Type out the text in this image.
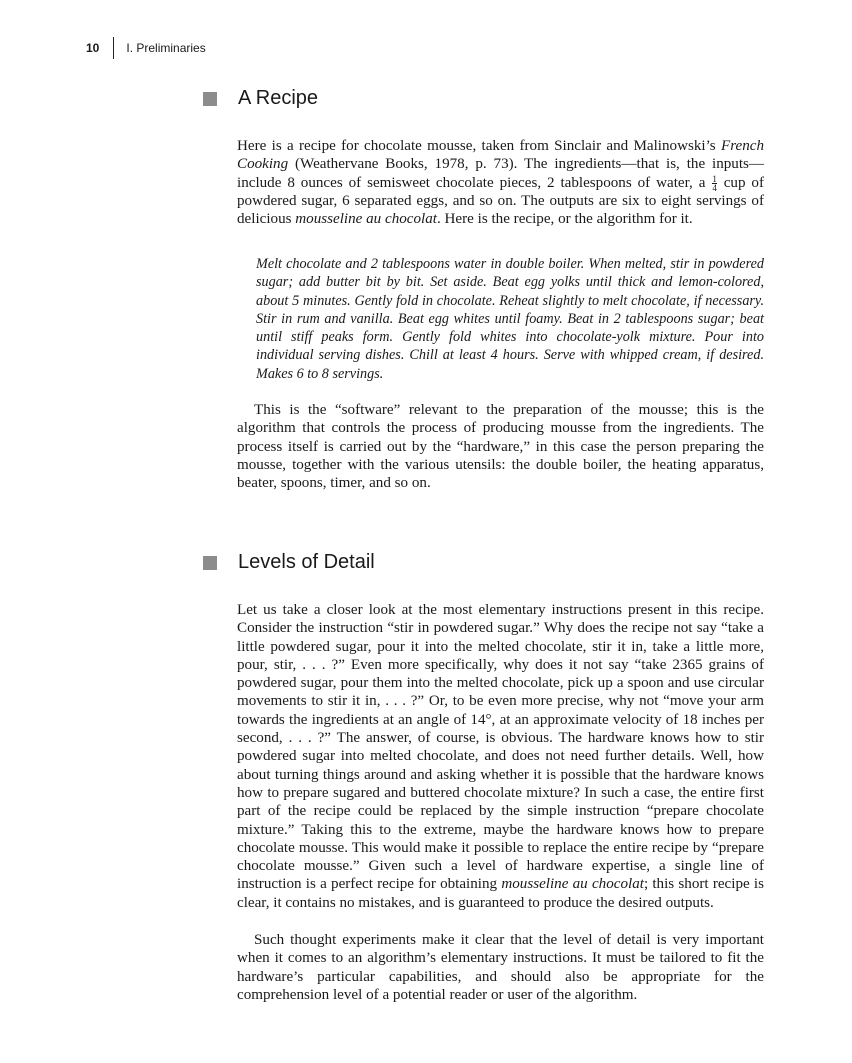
10 I. Preliminaries
A Recipe

Here is a recipe for chocolate mousse, taken from Sinclair and Malinowski’s French Cooking (Weathervane Books, 1978, p. 73). The ingredients—that is, the inputs—include 8 ounces of semisweet chocolate pieces, 2 tablespoons of water, a $\frac{1}{4}$ cup of powdered sugar, 6 separated eggs, and so on. The outputs are six to eight servings of delicious mousseline au chocolat. Here is the recipe, or the algorithm for it.

Melt chocolate and 2 tablespoons water in double boiler. When melted, stir in powdered sugar; add butter bit by bit. Set aside. Beat egg yolks until thick and lemon-colored, about 5 minutes. Gently fold in chocolate. Reheat slightly to melt chocolate, if necessary. Stir in rum and vanilla. Beat egg whites until foamy. Beat in 2 tablespoons sugar; beat until stiff peaks form. Gently fold whites into chocolate-yolk mixture. Pour into individual serving dishes. Chill at least 4 hours. Serve with whipped cream, if desired. Makes 6 to 8 servings.

This is the “software” relevant to the preparation of the mousse; this is the algorithm that controls the process of producing mousse from the ingredients. The process itself is carried out by the “hardware,” in this case the person preparing the mousse, together with the various utensils: the double boiler, the heating apparatus, beater, spoons, timer, and so on.

Levels of Detail

Let us take a closer look at the most elementary instructions present in this recipe. Consider the instruction “stir in powdered sugar.” Why does the recipe not say “take a little powdered sugar, pour it into the melted chocolate, stir it in, take a little more, pour, stir, . . . ?” Even more specifically, why does it not say “take 2365 grains of powdered sugar, pour them into the melted chocolate, pick up a spoon and use circular movements to stir it in, . . . ?” Or, to be even more precise, why not “move your arm towards the ingredients at an angle of 14°, at an approximate velocity of 18 inches per second, . . . ?” The answer, of course, is obvious. The hardware knows how to stir powdered sugar into melted chocolate, and does not need further details. Well, how about turning things around and asking whether it is possible that the hardware knows how to prepare sugared and buttered chocolate mixture? In such a case, the entire first part of the recipe could be replaced by the simple instruction “prepare chocolate mixture.” Taking this to the extreme, maybe the hardware knows how to prepare chocolate mousse. This would make it possible to replace the entire recipe by “prepare chocolate mousse.” Given such a level of hardware expertise, a single line of instruction is a perfect recipe for obtaining mousseline au chocolat; this short recipe is clear, it contains no mistakes, and is guaranteed to produce the desired outputs.

Such thought experiments make it clear that the level of detail is very important when it comes to an algorithm’s elementary instructions. It must be tailored to fit the hardware’s particular capabilities, and should also be appropriate for the comprehension level of a potential reader or user of the algorithm.
